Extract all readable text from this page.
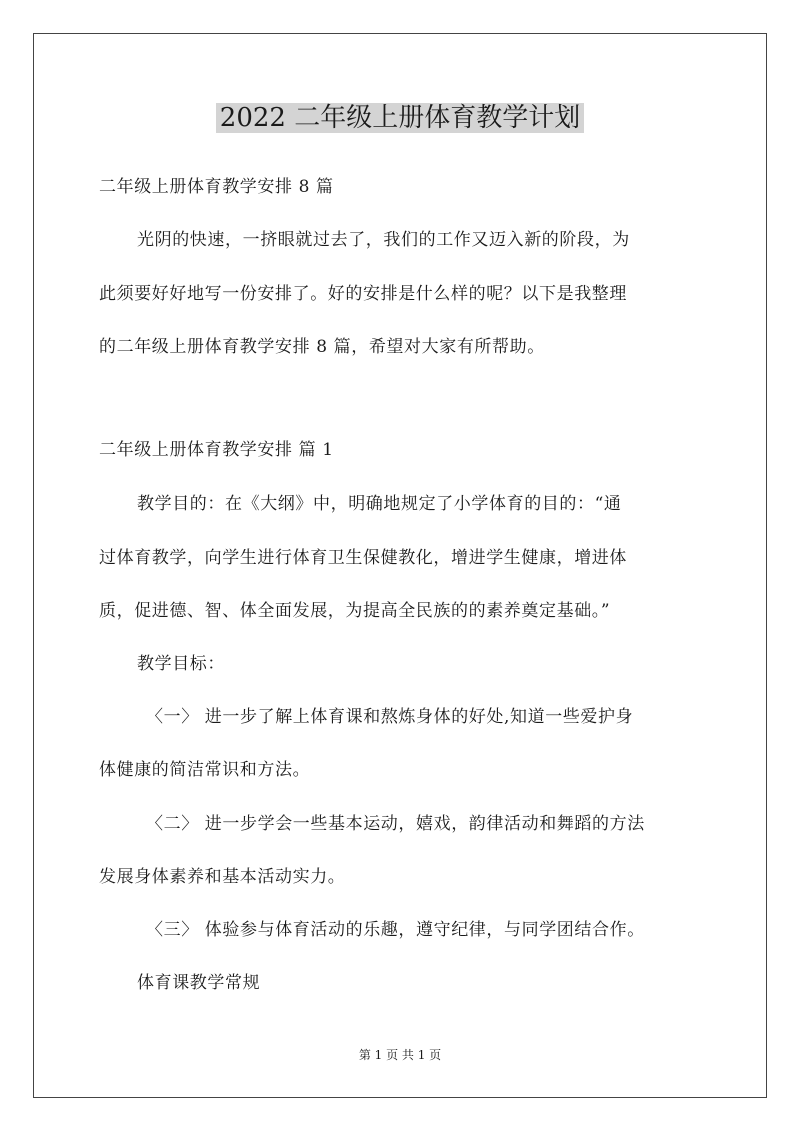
2022 二年级上册体育教学计划
二年级上册体育教学安排 8 篇
光阴的快速，一挤眼就过去了，我们的工作又迈入新的阶段，为
此须要好好地写一份安排了。好的安排是什么样的呢？以下是我整理
的二年级上册体育教学安排 8 篇，希望对大家有所帮助。
二年级上册体育教学安排 篇 1
教学目的：在《大纲》中，明确地规定了小学体育的目的：“通
过体育教学，向学生进行体育卫生保健教化，增进学生健康，增进体
质，促进德、智、体全面发展，为提高全民族的的素养奠定基础。”
教学目标：
〈一〉 进一步了解上体育课和熬炼身体的好处,知道一些爱护身
体健康的简洁常识和方法。
〈二〉 进一步学会一些基本运动，嬉戏，韵律活动和舞蹈的方法
发展身体素养和基本活动实力。
〈三〉 体验参与体育活动的乐趣，遵守纪律，与同学团结合作。
体育课教学常规
第 1 页 共 1 页
